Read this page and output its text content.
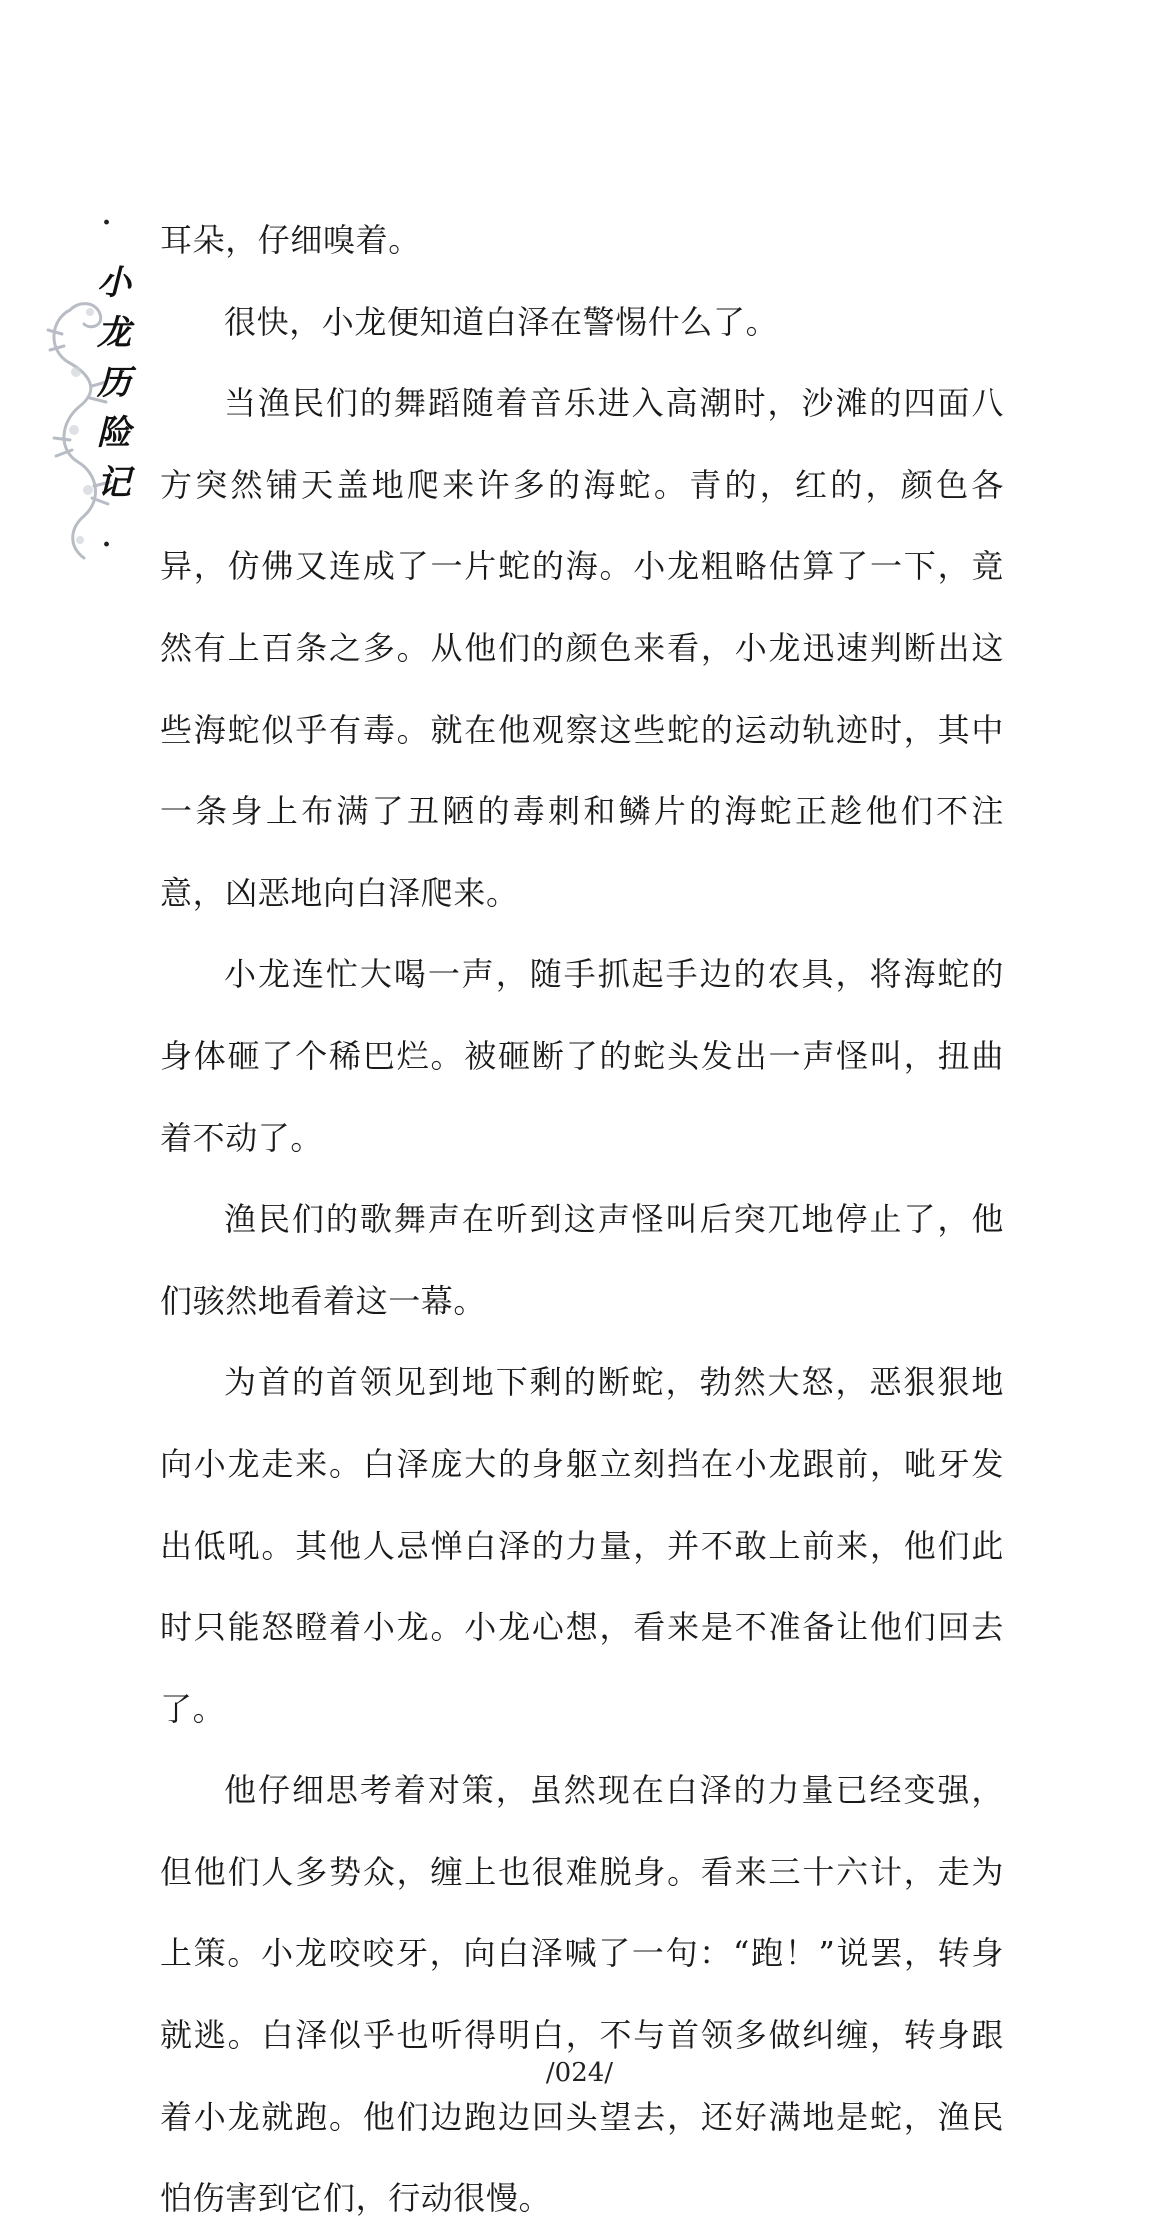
·
小
龙
历
险
记
·

耳朵，仔细嗅着。

很快，小龙便知道白泽在警惕什么了。

当渔民们的舞蹈随着音乐进入高潮时，沙滩的四面八方突然铺天盖地爬来许多的海蛇。青的，红的，颜色各异，仿佛又连成了一片蛇的海。小龙粗略估算了一下，竟然有上百条之多。从他们的颜色来看，小龙迅速判断出这些海蛇似乎有毒。就在他观察这些蛇的运动轨迹时，其中一条身上布满了丑陋的毒刺和鳞片的海蛇正趁他们不注意，凶恶地向白泽爬来。

小龙连忙大喝一声，随手抓起手边的农具，将海蛇的身体砸了个稀巴烂。被砸断了的蛇头发出一声怪叫，扭曲着不动了。

渔民们的歌舞声在听到这声怪叫后突兀地停止了，他们骇然地看着这一幕。

为首的首领见到地下剩的断蛇，勃然大怒，恶狠狠地向小龙走来。白泽庞大的身躯立刻挡在小龙跟前，呲牙发出低吼。其他人忌惮白泽的力量，并不敢上前来，他们此时只能怒瞪着小龙。小龙心想，看来是不准备让他们回去了。

他仔细思考着对策，虽然现在白泽的力量已经变强，但他们人多势众，缠上也很难脱身。看来三十六计，走为上策。小龙咬咬牙，向白泽喊了一句：“跑！”说罢，转身就逃。白泽似乎也听得明白，不与首领多做纠缠，转身跟着小龙就跑。他们边跑边回头望去，还好满地是蛇，渔民怕伤害到它们，行动很慢。

/024/
